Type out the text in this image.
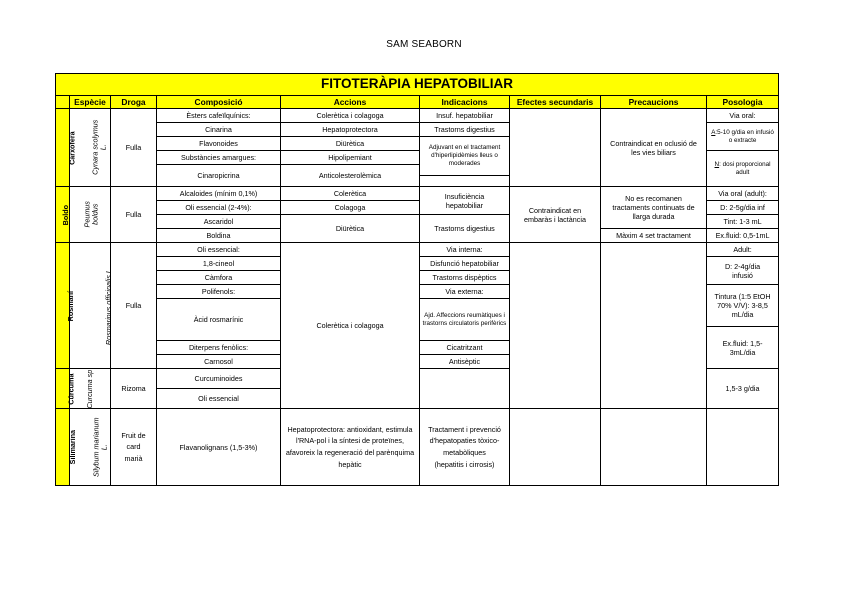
SAM SEABORN
FITOTERÀPIA HEPATOBILIAR								
	Espècie	Droga	Composició	Accions	Indicacions	Efectes secundaris	Precaucions	Posologia
Carxofera	Cynara scolymus L.	Fulla	Èsters cafeïlquínics:	Colerètica i colagoga	Insuf. hepatobiliar		Contraindicat en oclusió de les vies biliars	Via oral:
			Cinarina	Hepatoprotectora	Trastorns digestius			A:5-10 g/dia en infusió o extracte
			Flavonoides	Diürètica	Adjuvant en el tractament d'hiperlipidèmies lleus o moderades			
			Substàncies amargues:	Hipolipemiant				N: dosi proporcional adult
			Cinaropicrina	Anticolesterolèmica				

Boldo	Peumus boldus	Fulla	Alcaloides (mínim 0,1%)	Colerètica	Insuficiència hepatobiliar	Contraindicat en embaràs i lactància	No es recomanen tractaments continuats de llarga durada	Via oral (adult):
			Oli essencial (2-4%):	Colagoga				D: 2-5g/dia inf
			Ascaridol	Diürètica	Trastorns digestius			Tint: 1-3 mL
			Boldina				Màxim 4 set tractament	Ex.fluid: 0,5-1mL
Rosmaní	Rosmarinus officinalis L.	Fulla	Oli essencial:	Colerètica i colagoga	Via interna:			Adult:
			1,8-cineol		Disfunció hepatobiliar			D: 2-4g/dia infusió
			Càmfora		Trastorns dispèptics			
			Polifenols:		Via externa:			Tintura (1:5 EtOH 70% V/V): 3-8,5 mL/dia
			Àcid rosmarínic		Ajd. Affeccions reumàtiques i trastorns circulatoris perifèrics			

								Ex.fluid: 1,5-3mL/dia
			Diterpens fenòlics:		Cicatritzant			
			Carnosol		Antisèptic			
Cúrcuma	Curcuma sp	Rizoma	Curcuminoides					1,5-3 g/dia
			Oli essencial					
Silimarina	Silybum marianum L.	Fruit de card marià	Flavanolignans (1,5-3%)	Hepatoprotectora: antioxidant, estimula l'RNA-pol i la síntesi de proteïnes, afavoreix la regeneració del parènquima hepàtic	Tractament i prevenció d'hepatopaties tòxico-metabòliques (hepatitis i cirrosis)			
